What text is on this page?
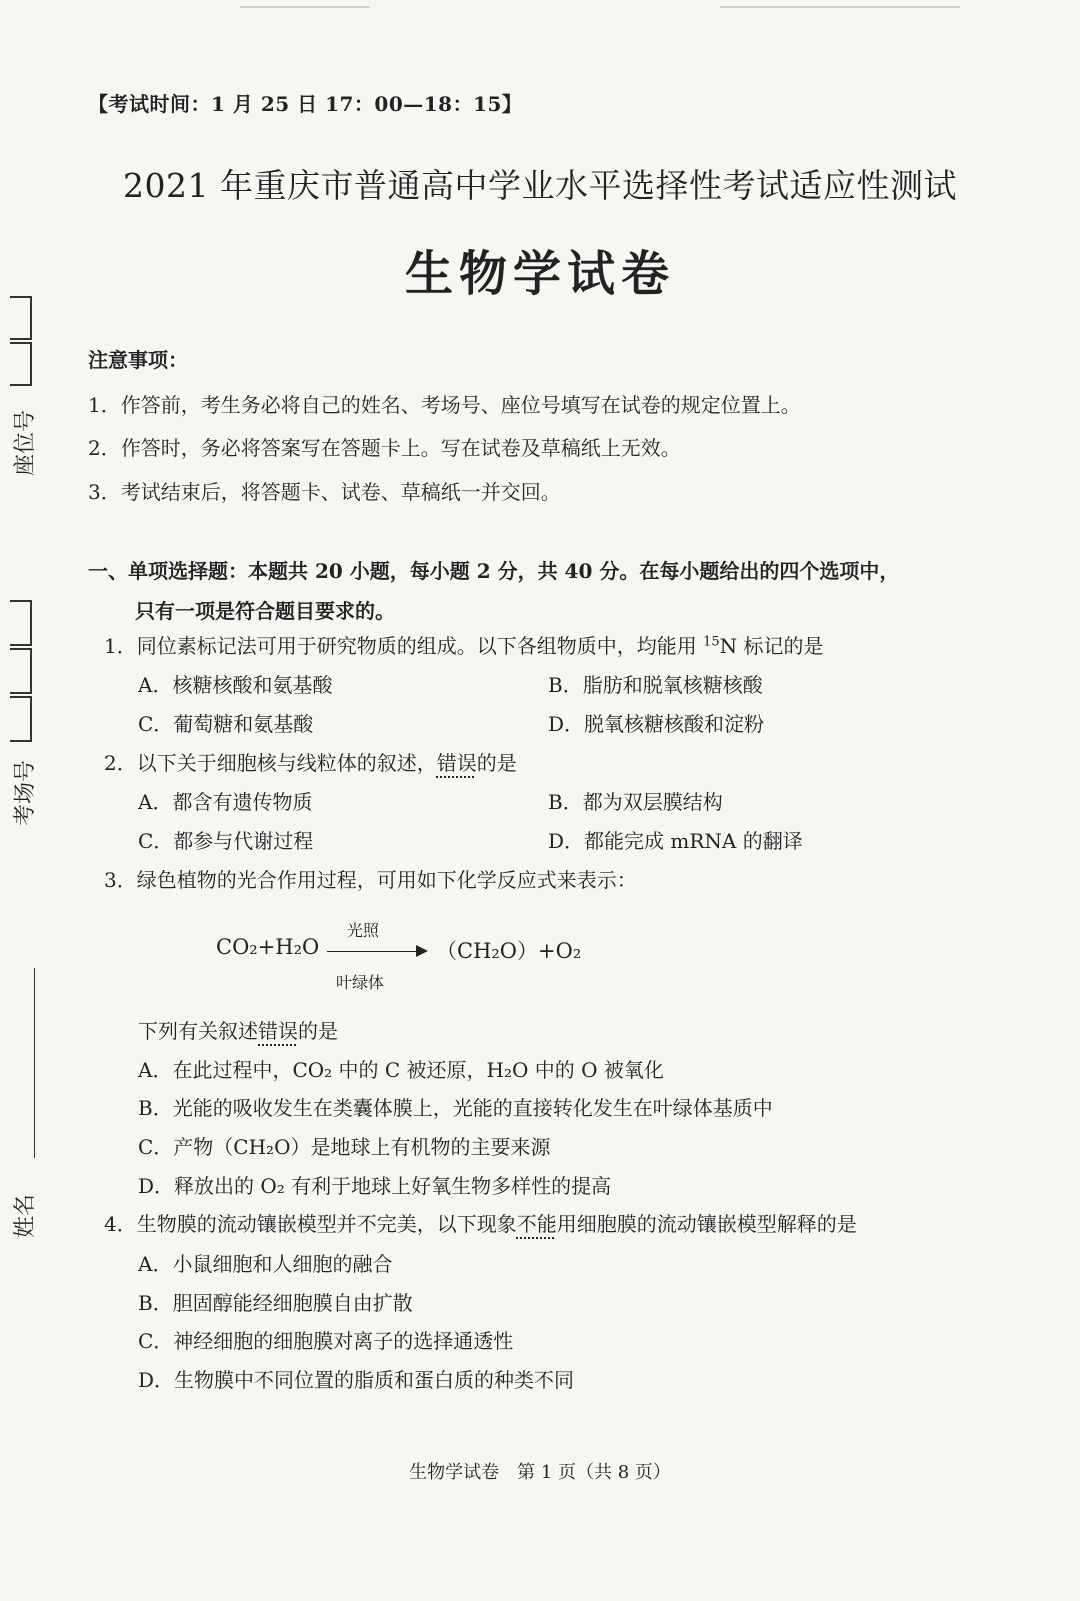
座位号
考场号
姓名
【考试时间：1 月 25 日 17：00—18：15】
2021 年重庆市普通高中学业水平选择性考试适应性测试
生物学试卷
注意事项：
1．作答前，考生务必将自己的姓名、考场号、座位号填写在试卷的规定位置上。
2．作答时，务必将答案写在答题卡上。写在试卷及草稿纸上无效。
3．考试结束后，将答题卡、试卷、草稿纸一并交回。
一、单项选择题：本题共 20 小题，每小题 2 分，共 40 分。在每小题给出的四个选项中，
只有一项是符合题目要求的。
1．同位素标记法可用于研究物质的组成。以下各组物质中，均能用 $^{15}$N 标记的是
A．核糖核酸和氨基酸	B．脂肪和脱氧核糖核酸
C．葡萄糖和氨基酸	D．脱氧核糖核酸和淀粉
2．以下关于细胞核与线粒体的叙述，错误的是
A．都含有遗传物质	B．都为双层膜结构
C．都参与代谢过程	D．都能完成 mRNA 的翻译
3．绿色植物的光合作用过程，可用如下化学反应式来表示：
CO₂+H₂O
光照
叶绿体
（CH₂O）+O₂
下列有关叙述错误的是
A．在此过程中，CO₂ 中的 C 被还原，H₂O 中的 O 被氧化
B．光能的吸收发生在类囊体膜上，光能的直接转化发生在叶绿体基质中
C．产物（CH₂O）是地球上有机物的主要来源
D．释放出的 O₂ 有利于地球上好氧生物多样性的提高
4．生物膜的流动镶嵌模型并不完美，以下现象不能用细胞膜的流动镶嵌模型解释的是
A．小鼠细胞和人细胞的融合
B．胆固醇能经细胞膜自由扩散
C．神经细胞的细胞膜对离子的选择通透性
D．生物膜中不同位置的脂质和蛋白质的种类不同
生物学试卷　第 1 页（共 8 页）
